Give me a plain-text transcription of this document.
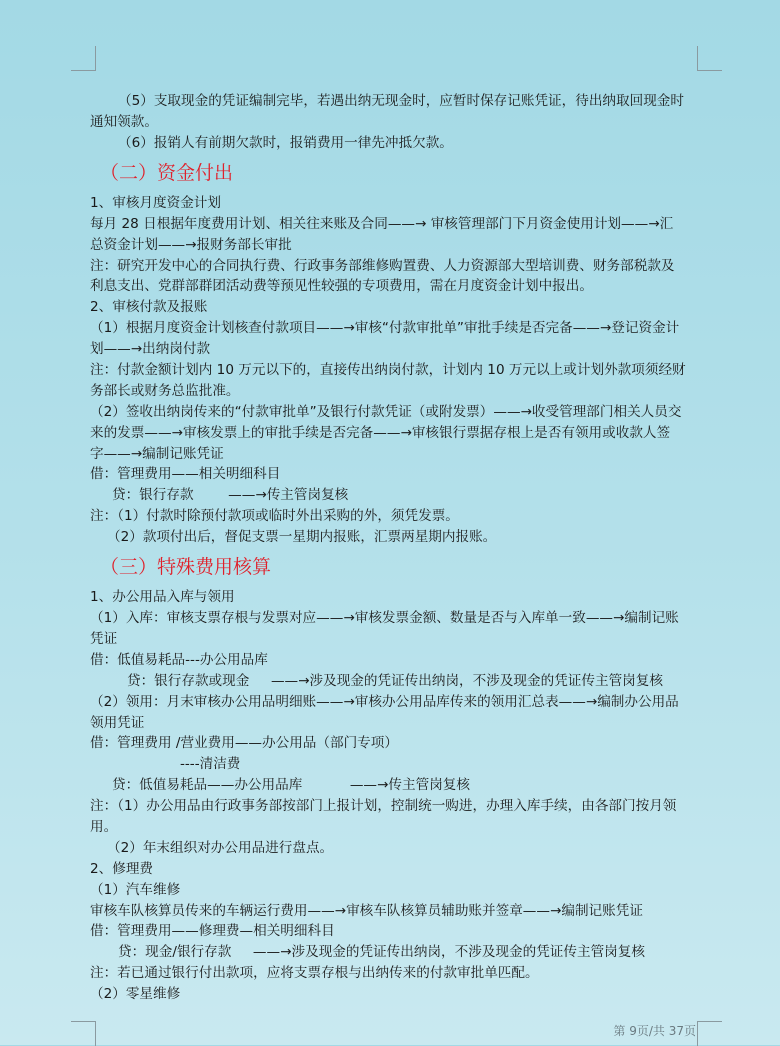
（5）支取现金的凭证编制完毕，若遇出纳无现金时，应暂时保存记账凭证，待出纳取回现金时
通知领款。
（6）报销人有前期欠款时，报销费用一律先冲抵欠款。
（二）资金付出
1、审核月度资金计划
每月 28 日根据年度费用计划、相关往来账及合同——→ 审核管理部门下月资金使用计划——→汇
总资金计划——→报财务部长审批
注：研究开发中心的合同执行费、行政事务部维修购置费、人力资源部大型培训费、财务部税款及
利息支出、党群部群团活动费等预见性较强的专项费用，需在月度资金计划中报出。
2、审核付款及报账
（1）根据月度资金计划核查付款项目——→审核“付款审批单”审批手续是否完备——→登记资金计
划——→出纳岗付款
注：付款金额计划内 10 万元以下的，直接传出纳岗付款，计划内 10 万元以上或计划外款项须经财
务部长或财务总监批准。
（2）签收出纳岗传来的“付款审批单”及银行付款凭证（或附发票）——→收受管理部门相关人员交
来的发票——→审核发票上的审批手续是否完备——→审核银行票据存根上是否有领用或收款人签
字——→编制记账凭证
借：管理费用——相关明细科目
贷：银行存款        ——→传主管岗复核
注：（1）付款时除预付款项或临时外出采购的外，须凭发票。
（2）款项付出后，督促支票一星期内报账，汇票两星期内报账。
（三）特殊费用核算
1、办公用品入库与领用
（1）入库：审核支票存根与发票对应——→审核发票金额、数量是否与入库单一致——→编制记账
凭证
借：低值易耗品---办公用品库
贷：银行存款或现金     ——→涉及现金的凭证传出纳岗，不涉及现金的凭证传主管岗复核
（2）领用：月末审核办公用品明细账——→审核办公用品库传来的领用汇总表——→编制办公用品
领用凭证
借：管理费用 /营业费用——办公用品（部门专项）
----清洁费
贷：低值易耗品——办公用品库           ——→传主管岗复核
注：（1）办公用品由行政事务部按部门上报计划，控制统一购进，办理入库手续，由各部门按月领
用。
（2）年末组织对办公用品进行盘点。
2、修理费
（1）汽车维修
审核车队核算员传来的车辆运行费用——→审核车队核算员辅助账并签章——→编制记账凭证
借：管理费用——修理费—相关明细科目
贷：现金/银行存款     ——→涉及现金的凭证传出纳岗，不涉及现金的凭证传主管岗复核
注：若已通过银行付出款项，应将支票存根与出纳传来的付款审批单匹配。
（2）零星维修
第 9页/共 37页
